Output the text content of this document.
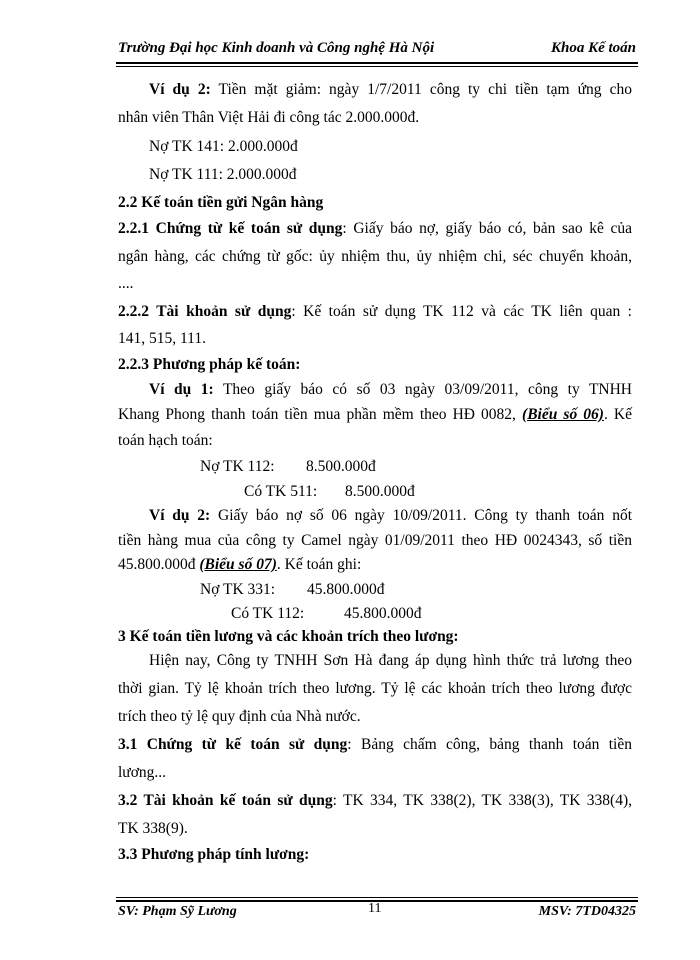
Trường Đại học Kinh doanh và Công nghệ Hà Nội	Khoa Kế toán
Ví dụ 2: Tiền mặt giảm: ngày 1/7/2011 công ty chi tiền tạm ứng cho
nhân viên Thân Việt Hải đi công tác 2.000.000đ.
Nợ TK 141: 2.000.000đ
Nợ TK 111: 2.000.000đ
2.2 Kế toán tiền gửi Ngân hàng
2.2.1 Chứng từ kế toán sử dụng: Giấy báo nợ, giấy báo có, bản sao kê của
ngân hàng, các chứng từ gốc: ủy nhiệm thu, ủy nhiệm chi, séc chuyển khoản,
....
2.2.2 Tài khoản sử dụng: Kế toán sử dụng TK 112 và các TK liên quan :
141, 515, 111.
2.2.3 Phương pháp kế toán:
Ví dụ 1: Theo giấy báo có số 03 ngày 03/09/2011, công ty TNHH
Khang Phong thanh toán tiền mua phần mềm theo HĐ 0082, (Biểu số 06). Kế
toán hạch toán:
Nợ TK 112: 8.500.000đ
Có TK 511: 8.500.000đ
Ví dụ 2: Giấy báo nợ số 06 ngày 10/09/2011. Công ty thanh toán nốt
tiền hàng mua của công ty Camel ngày 01/09/2011 theo HĐ 0024343, số tiền
45.800.000đ (Biểu số 07). Kế toán ghi:
Nợ TK 331: 45.800.000đ
Có TK 112:	45.800.000đ
3 Kế toán tiền lương và các khoản trích theo lương:
Hiện nay, Công ty TNHH Sơn Hà đang áp dụng hình thức trả lương theo
thời gian. Tỷ lệ khoản trích theo lương. Tỷ lệ các khoản trích theo lương được
trích theo tỷ lệ quy định của Nhà nước.
3.1 Chứng từ kế toán sử dụng: Bảng chấm công, bảng thanh toán tiền
lương...
3.2 Tài khoản kế toán sử dụng: TK 334, TK 338(2), TK 338(3), TK 338(4),
TK 338(9).
3.3 Phương pháp tính lương:
SV: Phạm Sỹ Lương	11	MSV: 7TD04325
